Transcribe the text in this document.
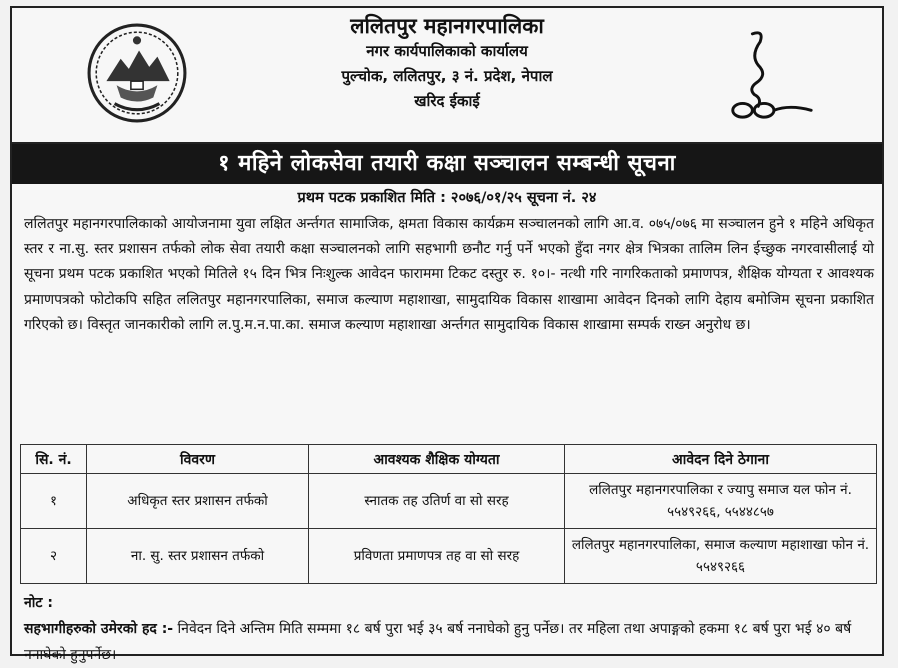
ललितपुर महानगरपालिका
नगर कार्यपालिकाको कार्यालय
पुल्चोक, ललितपुर, ३ नं. प्रदेश, नेपाल
खरिद ईकाई
१ महिने लोकसेवा तयारी कक्षा सञ्चालन सम्बन्धी सूचना
प्रथम पटक प्रकाशित मिति : २०७६/०१/२५ सूचना नं. २४
ललितपुर महानगरपालिकाको आयोजनामा युवा लक्षित अर्न्तगत सामाजिक, क्षमता विकास कार्यक्रम सञ्चालनको लागि आ.व. ०७५/०७६ मा सञ्चालन हुने १ महिने अधिकृत स्तर र ना.सु. स्तर प्रशासन तर्फको लोक सेवा तयारी कक्षा सञ्चालनको लागि सहभागी छनौट गर्नु पर्ने भएको हुँदा नगर क्षेत्र भित्रका तालिम लिन ईच्छुक नगरवासीलाई यो सूचना प्रथम पटक प्रकाशित भएको मितिले १५ दिन भित्र निःशुल्क आवेदन फाराममा टिकट दस्तुर रु. १०।- नत्थी गरि नागरिकताको प्रमाणपत्र, शैक्षिक योग्यता र आवश्यक प्रमाणपत्रको फोटोकपि सहित ललितपुर महानगरपालिका, समाज कल्याण महाशाखा, सामुदायिक विकास शाखामा आवेदन दिनको लागि देहाय बमोजिम सूचना प्रकाशित गरिएको छ। विस्तृत जानकारीको लागि ल.पु.म.न.पा.का. समाज कल्याण महाशाखा अर्न्तगत सामुदायिक विकास शाखामा सम्पर्क राख्न अनुरोध छ।
सि. नं.	विवरण	आवश्यक शैक्षिक योग्यता	आवेदन दिने ठेगाना
१	अधिकृत स्तर प्रशासन तर्फको	स्नातक तह उतिर्ण वा सो सरह	ललितपुर महानगरपालिका र ज्यापु समाज यल फोन नं. ५५४९२६६, ५५४४८५७
२	ना. सु. स्तर प्रशासन तर्फको	प्रविणता प्रमाणपत्र तह वा सो सरह	ललितपुर महानगरपालिका, समाज कल्याण महाशाखा फोन नं. ५५४९२६६
नोट :
सहभागीहरुको उमेरको हद :- निवेदन दिने अन्तिम मिति सम्ममा १८ बर्ष पुरा भई ३५ बर्ष ननाघेको हुनु पर्नेछ। तर महिला तथा अपाङ्गको हकमा १८ बर्ष पुरा भई ४० बर्ष ननाघेको हुनुपर्नेछ।
